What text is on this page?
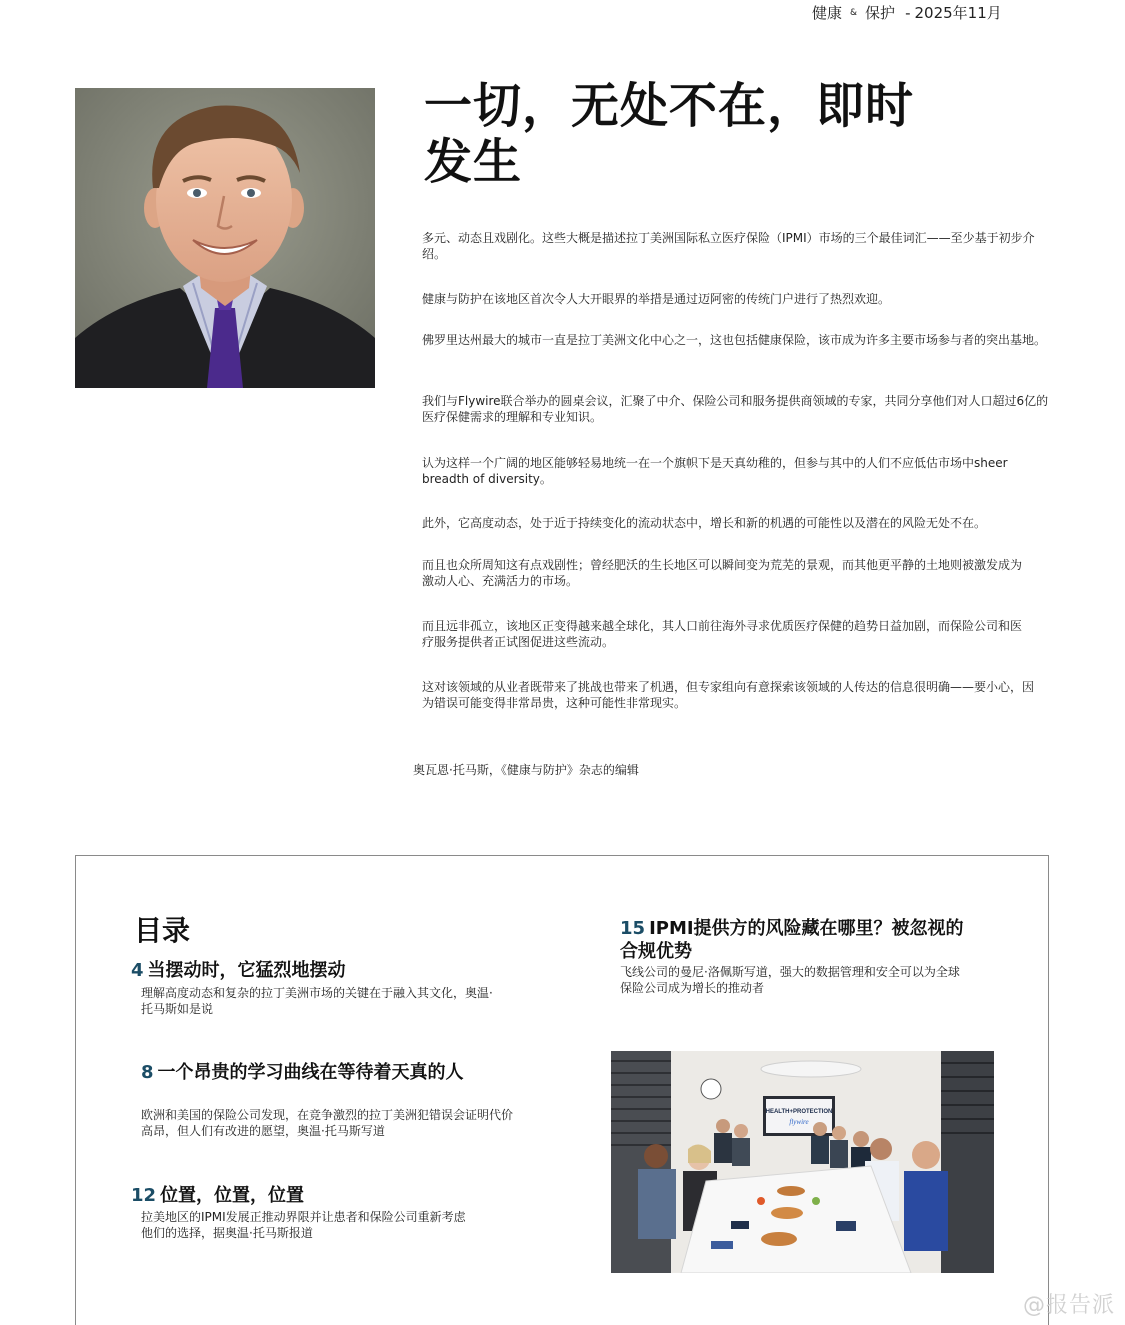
健康 & 保护 - 2025年11月
一切，无处不在，即时发生
多元、动态且戏剧化。这些大概是描述拉丁美洲国际私立医疗保险（IPMI）市场的三个最佳词汇——至少基于初步介绍。
健康与防护在该地区首次令人大开眼界的举措是通过迈阿密的传统门户进行了热烈欢迎。
佛罗里达州最大的城市一直是拉丁美洲文化中心之一，这也包括健康保险，该市成为许多主要市场参与者的突出基地。
我们与Flywire联合举办的圆桌会议，汇聚了中介、保险公司和服务提供商领域的专家，共同分享他们对人口超过6亿的医疗保健需求的理解和专业知识。
认为这样一个广阔的地区能够轻易地统一在一个旗帜下是天真幼稚的，但参与其中的人们不应低估市场中sheer breadth of diversity。
此外，它高度动态，处于近于持续变化的流动状态中，增长和新的机遇的可能性以及潜在的风险无处不在。
而且也众所周知这有点戏剧性；曾经肥沃的生长地区可以瞬间变为荒芜的景观，而其他更平静的土地则被激发成为激动人心、充满活力的市场。
而且远非孤立，该地区正变得越来越全球化，其人口前往海外寻求优质医疗保健的趋势日益加剧，而保险公司和医疗服务提供者正试图促进这些流动。
这对该领域的从业者既带来了挑战也带来了机遇，但专家组向有意探索该领域的人传达的信息很明确——要小心，因为错误可能变得非常昂贵，这种可能性非常现实。
奥瓦恩·托马斯，《健康与防护》杂志的编辑
目录
4 当摆动时，它猛烈地摆动
理解高度动态和复杂的拉丁美洲市场的关键在于融入其文化，奥温·托马斯如是说
8 一个昂贵的学习曲线在等待着天真的人
欧洲和美国的保险公司发现，在竞争激烈的拉丁美洲犯错误会证明代价高昂，但人们有改进的愿望，奥温·托马斯写道
12 位置，位置，位置
拉美地区的IPMI发展正推动界限并让患者和保险公司重新考虑他们的选择，据奥温·托马斯报道
15 IPMI提供方的风险藏在哪里？被忽视的合规优势
飞线公司的曼尼·洛佩斯写道，强大的数据管理和安全可以为全球保险公司成为增长的推动者
HEALTH+PROTECTION
flywire
@报告派
